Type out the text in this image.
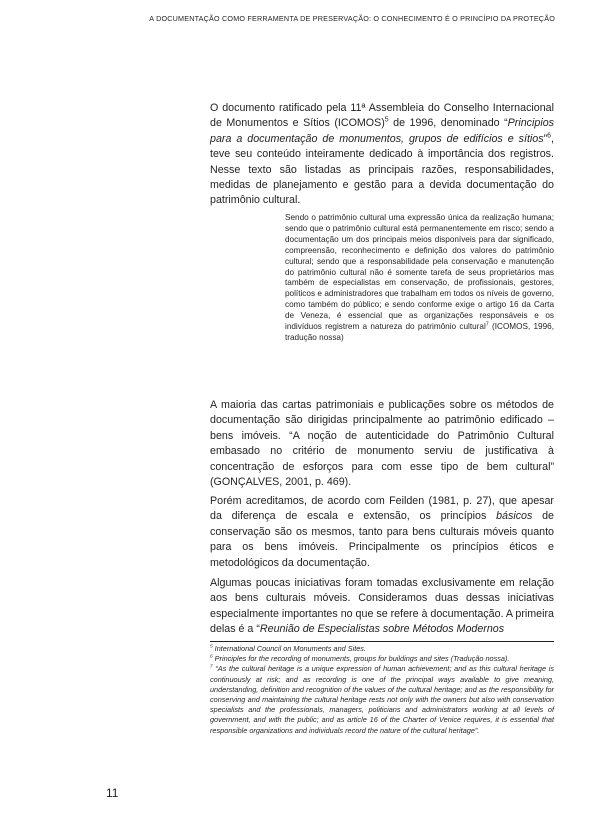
A DOCUMENTAÇÃO COMO FERRAMENTA DE PRESERVAÇÃO: O CONHECIMENTO É O PRINCÍPIO DA PROTEÇÃO

O documento ratificado pela 11ª Assembleia do Conselho Internacional de Monumentos e Sítios (ICOMOS)$^5$ de 1996, denominado “Principios para a documentação de monumentos, grupos de edifícios e sítios”$^6$, teve seu conteúdo inteiramente dedicado à importância dos registros. Nesse texto são listadas as principais razões, responsabilidades, medidas de planejamento e gestão para a devida documentação do patrimônio cultural.

Sendo o patrimônio cultural uma expressão única da realização humana; sendo que o patrimônio cultural está permanentemente em risco; sendo a documentação um dos principais meios disponíveis para dar significado, compreensão, reconhecimento e definição dos valores do patrimônio cultural; sendo que a responsabilidade pela conservação e manutenção do patrimônio cultural não é somente tarefa de seus proprietários mas também de especialistas em conservação, de profissionais, gestores, políticos e administradores que trabalham em todos os níveis de governo, como também do público; e sendo conforme exige o artigo 16 da Carta de Veneza, é essencial que as organizações responsáveis e os indivíduos registrem a natureza do patrimônio cultural$^7$ (ICOMOS, 1996, tradução nossa)

A maioria das cartas patrimoniais e publicações sobre os métodos de documentação são dirigidas principalmente ao patrimônio edificado – bens imóveis. “A noção de autenticidade do Patrimônio Cultural embasado no critério de monumento serviu de justificativa à concentração de esforços para com esse tipo de bem cultural” (GONÇALVES, 2001, p. 469).

Porém acreditamos, de acordo com Feilden (1981, p. 27), que apesar da diferença de escala e extensão, os princípios básicos de conservação são os mesmos, tanto para bens culturais móveis quanto para os bens imóveis. Principalmente os princípios éticos e metodológicos da documentação.

Algumas poucas iniciativas foram tomadas exclusivamente em relação aos bens culturais móveis. Consideramos duas dessas iniciativas especialmente importantes no que se refere à documentação. A primeira delas é a “Reunião de Especialistas sobre Métodos Modernos

$^5$ International Council on Monuments and Sites.

$^6$ Principles for the recording of monuments, groups for buildings and sites (Tradução nossa).

$^7$ “As the cultural heritage is a unique expression of human achievement; and as this cultural heritage is continuously at risk; and as recording is one of the principal ways available to give meaning, understanding, definition and recognition of the values of the cultural heritage; and as the responsibility for conserving and maintaining the cultural heritage rests not only with the owners but also with conservation specialists and the professionals, managers, politicians and administrators working at all levels of government, and with the public; and as article 16 of the Charter of Venice requires, it is essential that responsible organizations and individuals record the nature of the cultural heritage”.

11
